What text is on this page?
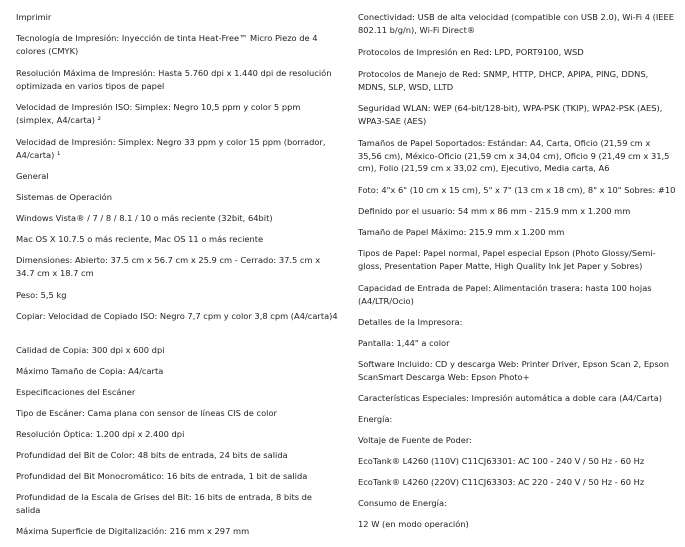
Imprimir
Tecnología de Impresión: Inyección de tinta Heat-Free™ Micro Piezo de 4 colores (CMYK)
Resolución Máxima de Impresión: Hasta 5.760 dpi x 1.440 dpi de resolución optimizada en varios tipos de papel
Velocidad de Impresión ISO: Simplex: Negro 10,5 ppm y color 5 ppm (simplex, A4/carta) ²
Velocidad de Impresión: Simplex: Negro 33 ppm y color 15 ppm (borrador, A4/carta) ¹
General
Sistemas de Operación
Windows Vista® / 7 / 8 / 8.1 / 10 o más reciente (32bit, 64bit)
Mac OS X 10.7.5 o más reciente, Mac OS 11 o más reciente
Dimensiones: Abierto: 37.5 cm x 56.7 cm x 25.9 cm - Cerrado: 37.5 cm x 34.7 cm x 18.7 cm
Peso: 5,5 kg
Copiar: Velocidad de Copiado ISO: Negro 7,7 cpm y color 3,8 cpm (A4/carta)4
Calidad de Copia: 300 dpi x 600 dpi
Máximo Tamaño de Copia: A4/carta
Especificaciones del Escáner
Tipo de Escáner: Cama plana con sensor de líneas CIS de color
Resolución Óptica: 1.200 dpi x 2.400 dpi
Profundidad del Bit de Color: 48 bits de entrada, 24 bits de salida
Profundidad del Bit Monocromático: 16 bits de entrada, 1 bit de salida
Profundidad de la Escala de Grises del Bit: 16 bits de entrada, 8 bits de salida
Máxima Superficie de Digitalización: 216 mm x 297 mm
Conectividad: USB de alta velocidad (compatible con USB 2.0), Wi-Fi 4 (IEEE 802.11 b/g/n), Wi-Fi Direct®
Protocolos de Impresión en Red: LPD, PORT9100, WSD
Protocolos de Manejo de Red: SNMP, HTTP, DHCP, APIPA, PING, DDNS, MDNS, SLP, WSD, LLTD
Seguridad WLAN: WEP (64-bit/128-bit), WPA-PSK (TKIP), WPA2-PSK (AES), WPA3-SAE (AES)
Tamaños de Papel Soportados: Estándar: A4, Carta, Oficio (21,59 cm x 35,56 cm), México-Oficio (21,59 cm x 34,04 cm), Oficio 9 (21,49 cm x 31,5 cm), Folio (21,59 cm x 33,02 cm), Ejecutivo, Media carta, A6
Foto: 4"x 6" (10 cm x 15 cm), 5" x 7" (13 cm x 18 cm), 8" x 10" Sobres: #10
Definido por el usuario: 54 mm x 86 mm - 215.9 mm x 1.200 mm
Tamaño de Papel Máximo: 215.9 mm x 1.200 mm
Tipos de Papel: Papel normal, Papel especial Epson (Photo Glossy/Semi-gloss, Presentation Paper Matte, High Quality Ink Jet Paper y Sobres)
Capacidad de Entrada de Papel: Alimentación trasera: hasta 100 hojas (A4/LTR/Ocio)
Detalles de la Impresora:
Pantalla: 1,44" a color
Software Incluido: CD y descarga Web: Printer Driver, Epson Scan 2, Epson ScanSmart Descarga Web: Epson Photo+
Características Especiales: Impresión automática a doble cara (A4/Carta)
Energía:
Voltaje de Fuente de Poder:
EcoTank® L4260 (110V) C11CJ63301: AC 100 - 240 V / 50 Hz - 60 Hz
EcoTank® L4260 (220V) C11CJ63303: AC 220 - 240 V / 50 Hz - 60 Hz
Consumo de Energía:
12 W (en modo operación)
